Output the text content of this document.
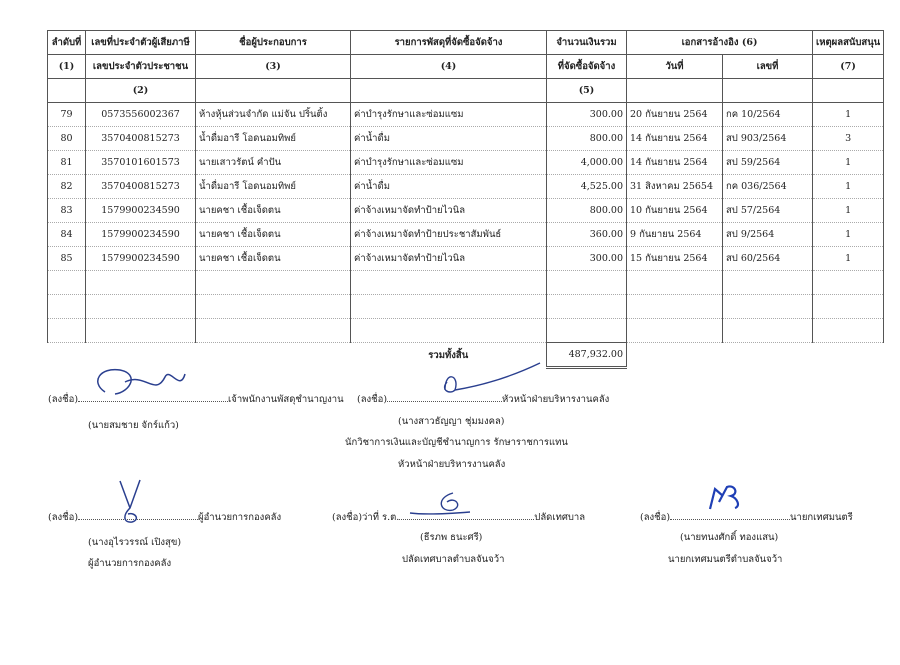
ลำดับที่	เลขที่ประจำตัวผู้เสียภาษี	ชื่อผู้ประกอบการ	รายการพัสดุที่จัดซื้อจัดจ้าง	จำนวนเงินรวม	เอกสารอ้างอิง (6)		เหตุผลสนับสนุน
(1)	เลขประจำตัวประชาชน	(3)	(4)	ที่จัดซื้อจัดจ้าง	วันที่	เลขที่	(7)
	(2)			(5)			
79	0573556002367	ห้างหุ้นส่วนจำกัด แม่จัน ปริ้นติ้ง	ค่าบำรุงรักษาและซ่อมแซม	300.00	20 กันยายน 2564	กค 10/2564	1
80	3570400815273	น้ำดื่มอารี โอดนอมทิพย์	ค่าน้ำดื่ม	800.00	14 กันยายน 2564	สป 903/2564	3
81	3570101601573	นายเสาวรัตน์ คำปัน	ค่าบำรุงรักษาและซ่อมแซม	4,000.00	14 กันยายน 2564	สป 59/2564	1
82	3570400815273	น้ำดื่มอารี โอดนอมทิพย์	ค่าน้ำดื่ม	4,525.00	31 สิงหาคม 25654	กค 036/2564	1
83	1579900234590	นายคชา เชื้อเจ็ดตน	ค่าจ้างเหมาจัดทำป้ายไวนิล	800.00	10 กันยายน 2564	สป 57/2564	1
84	1579900234590	นายคชา เชื้อเจ็ดตน	ค่าจ้างเหมาจัดทำป้ายประชาสัมพันธ์	360.00	9 กันยายน 2564	สป 9/2564	1
85	1579900234590	นายคชา เชื้อเจ็ดตน	ค่าจ้างเหมาจัดทำป้ายไวนิล	300.00	15 กันยายน 2564	สป 60/2564	1

			รวมทั้งสิ้น	487,932.00			
(ลงชื่อ)	เจ้าพนักงานพัสดุชำนาญงาน
(นายสมชาย จักร์แก้ว)
(ลงชื่อ)	หัวหน้าฝ่ายบริหารงานคลัง
(นางสาวธัญญา ชุ่มมงคล)
นักวิชาการเงินและบัญชีชำนาญการ รักษาราชการแทน
หัวหน้าฝ่ายบริหารงานคลัง
(ลงชื่อ)	ผู้อำนวยการกองคลัง
(นางอุไรวรรณ์ เปิงสุข)
ผู้อำนวยการกองคลัง
(ลงชื่อ)ว่าที่ ร.ต.	ปลัดเทศบาล
(ธีรภพ ธนะศรี)
ปลัดเทศบาลตำบลจันจว้า
(ลงชื่อ)	นายกเทศมนตรี
(นายทนงศักดิ์ ทองแสน)
นายกเทศมนตรีตำบลจันจว้า
